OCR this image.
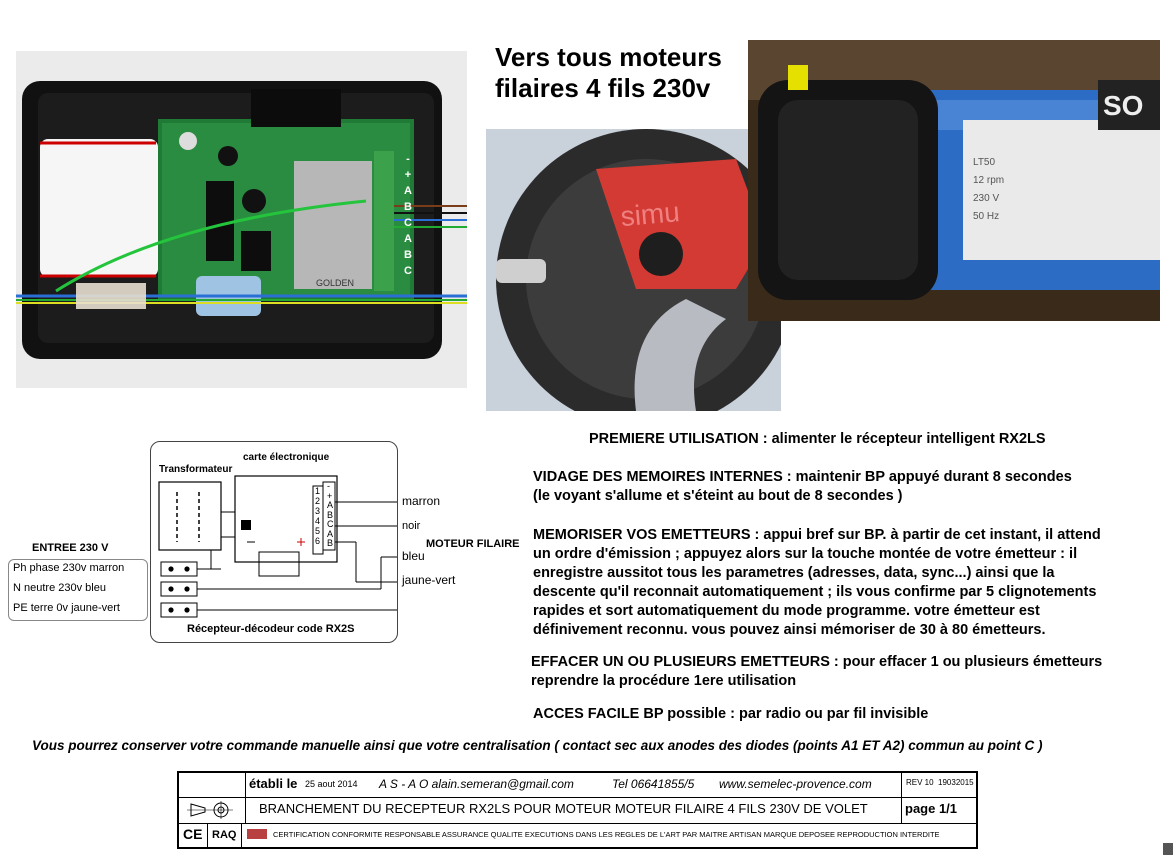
GOLDEN
-
+
A
B
C
A
B
C
Vers tous moteurs
filaires 4 fils 230v
simu
SO
LT50
12 rpm
230 V
50 Hz
Transformateur
carte électronique
1
2
3
4
5
6
-
+
A
B
C
A
B
Récepteur-décodeur code RX2S
marron
noir
bleu
jaune-vert
MOTEUR FILAIRE
ENTREE 230 V
Ph phase 230v marron
N neutre 230v bleu
PE terre 0v jaune-vert
PREMIERE UTILISATION : alimenter le récepteur intelligent RX2LS
VIDAGE DES MEMOIRES INTERNES : maintenir BP appuyé durant 8 secondes
(le voyant s'allume et s'éteint au bout de 8 secondes )
MEMORISER VOS EMETTEURS : appui bref sur BP. à partir de cet instant, il attend
un ordre d'émission ; appuyez alors sur la touche montée de votre émetteur : il
enregistre aussitot tous les parametres (adresses, data, sync...) ainsi que la
descente qu'il reconnait automatiquement ; ils vous confirme par 5 clignotements
rapides et sort automatiquement du mode programme. votre émetteur est
définivement reconnu. vous pouvez ainsi mémoriser de 30 à 80 émetteurs.
EFFACER UN OU PLUSIEURS EMETTEURS : pour effacer 1 ou plusieurs émetteurs
reprendre la procédure 1ere utilisation
ACCES FACILE BP possible : par radio ou par fil invisible
Vous pourrez conserver votre commande manuelle ainsi que votre centralisation ( contact sec aux anodes des diodes (points A1 ET A2) commun au point C )
établi le 25 aout 2014 A S - A O alain.semeran@gmail.com	Tel 06641855/5 www.semelec-provence.com	REV 10 19032015
BRANCHEMENT DU RECEPTEUR RX2LS POUR MOTEUR MOTEUR FILAIRE 4 FILS 230V DE VOLET	page 1/1
CE RAQ	CERTIFICATION CONFORMITE RESPONSABLE ASSURANCE QUALITE EXECUTIONS DANS LES REGLES DE L'ART PAR MAITRE ARTISAN MARQUE DEPOSEE REPRODUCTION INTERDITE
